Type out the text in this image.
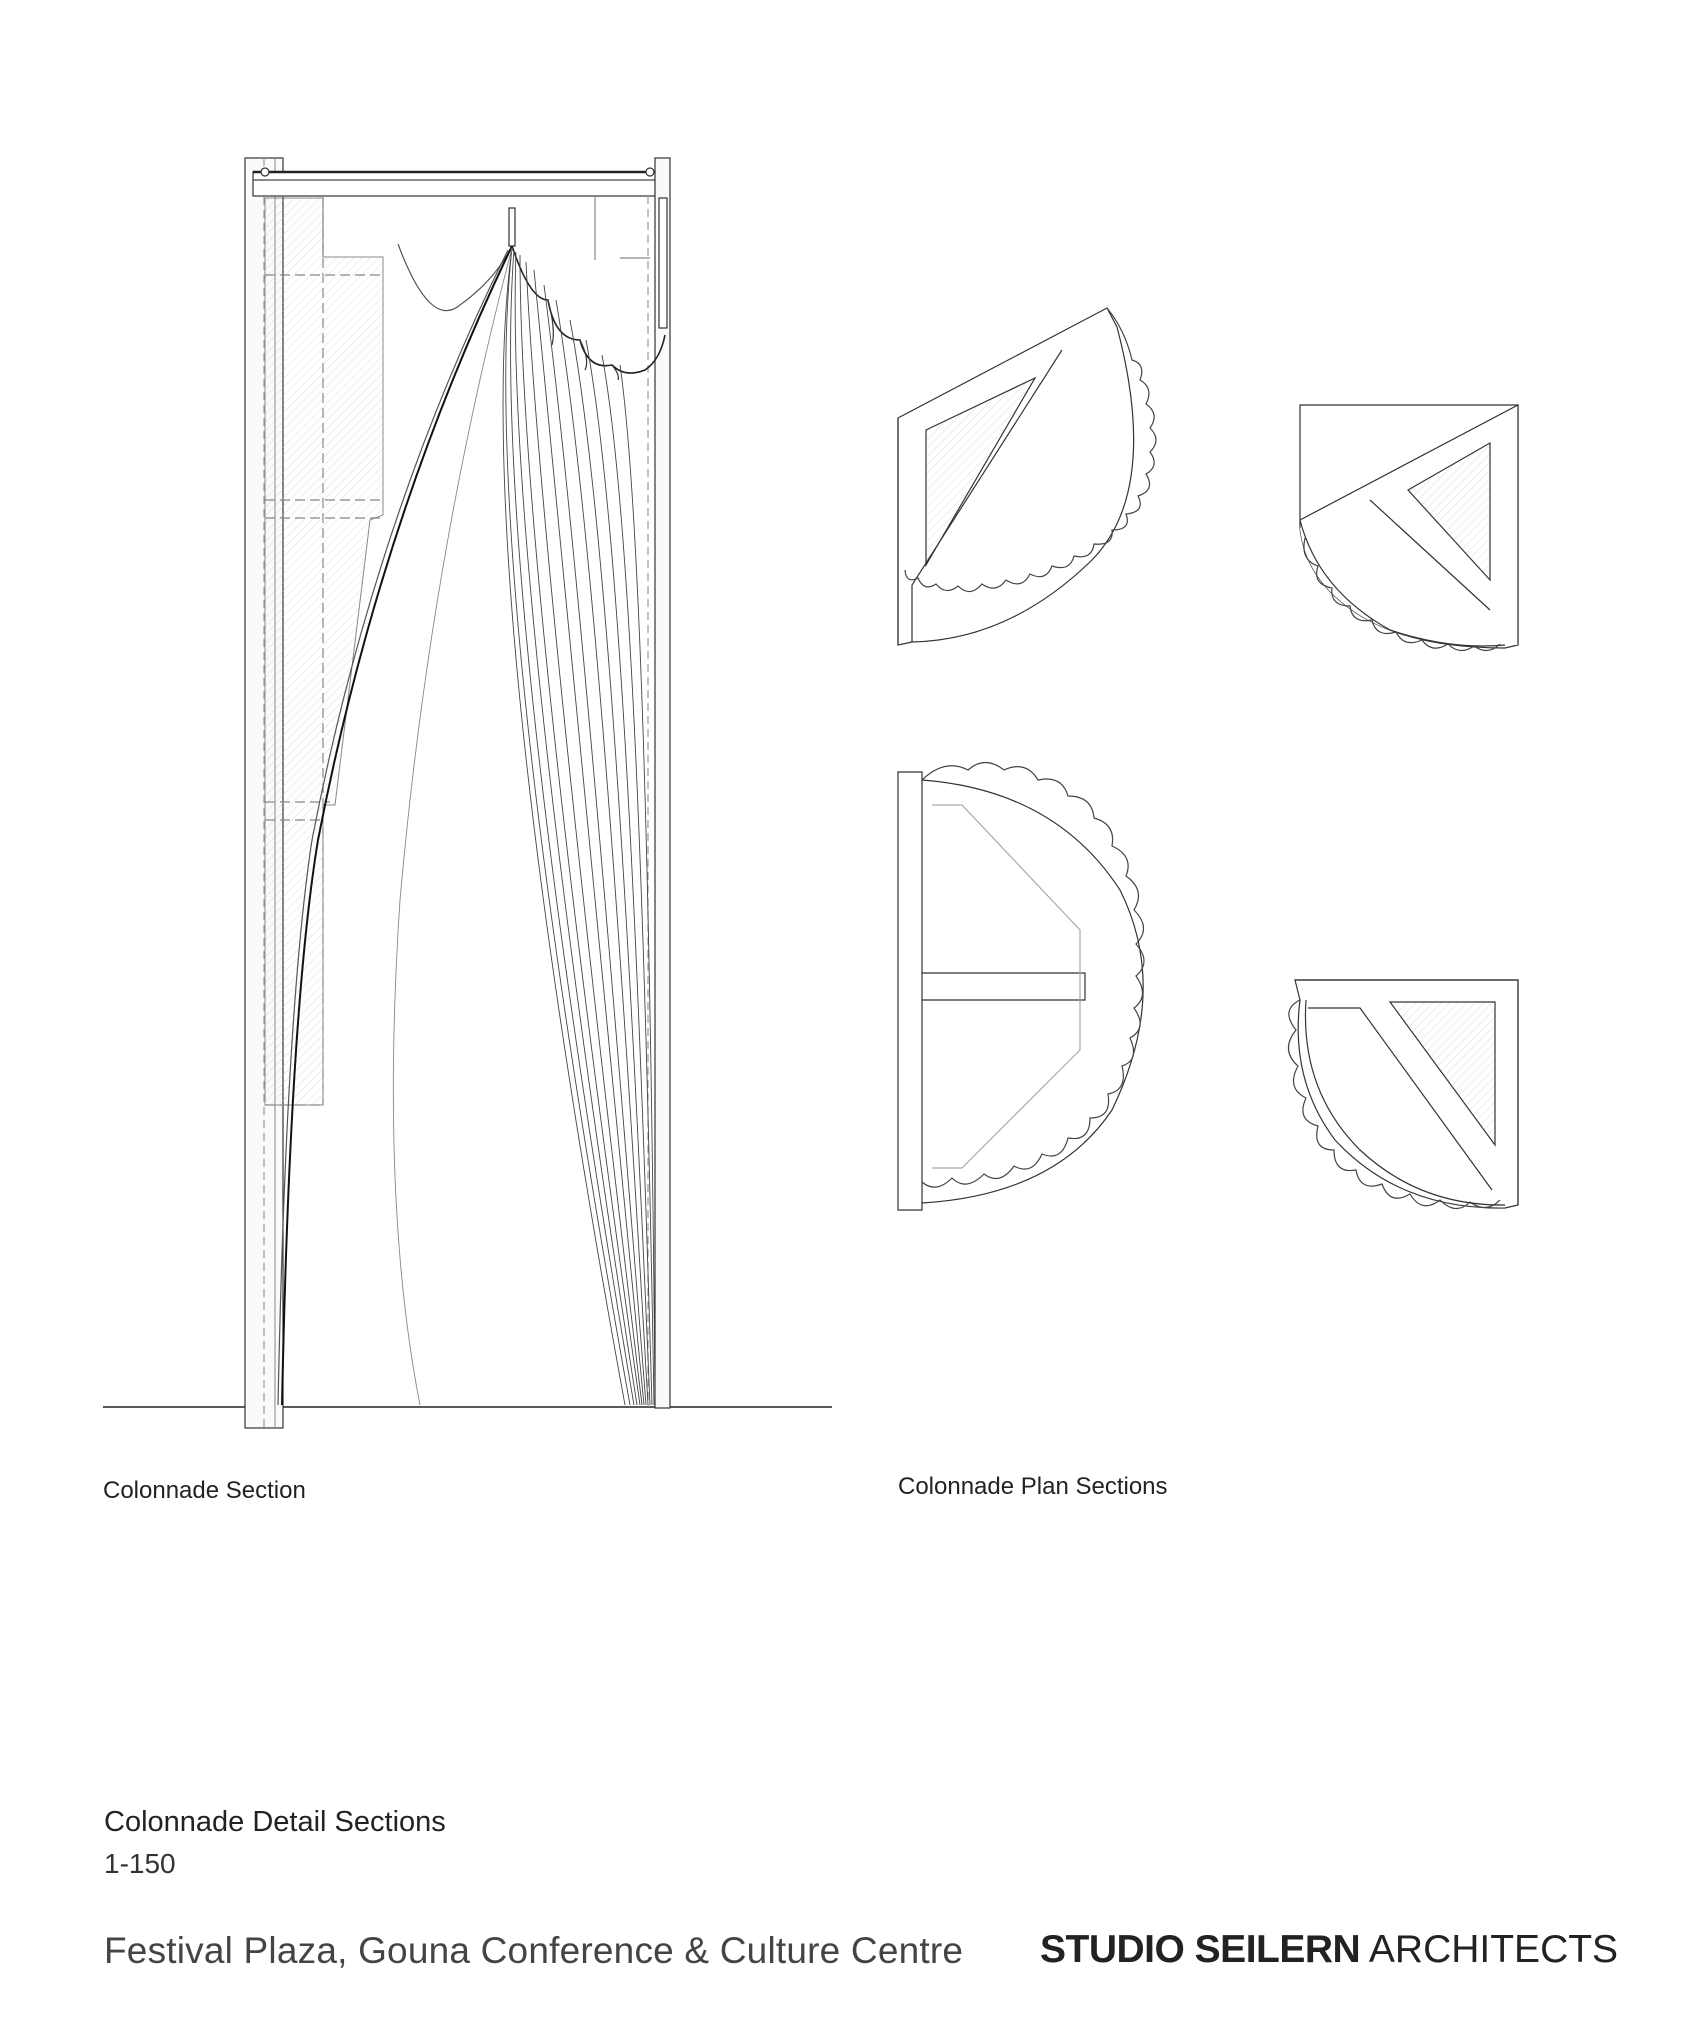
Colonnade Section	Colonnade Plan Sections
Colonnade Detail Sections
1-150
Festival Plaza, Gouna Conference & Culture Centre STUDIO SEILERN ARCHITECTS
